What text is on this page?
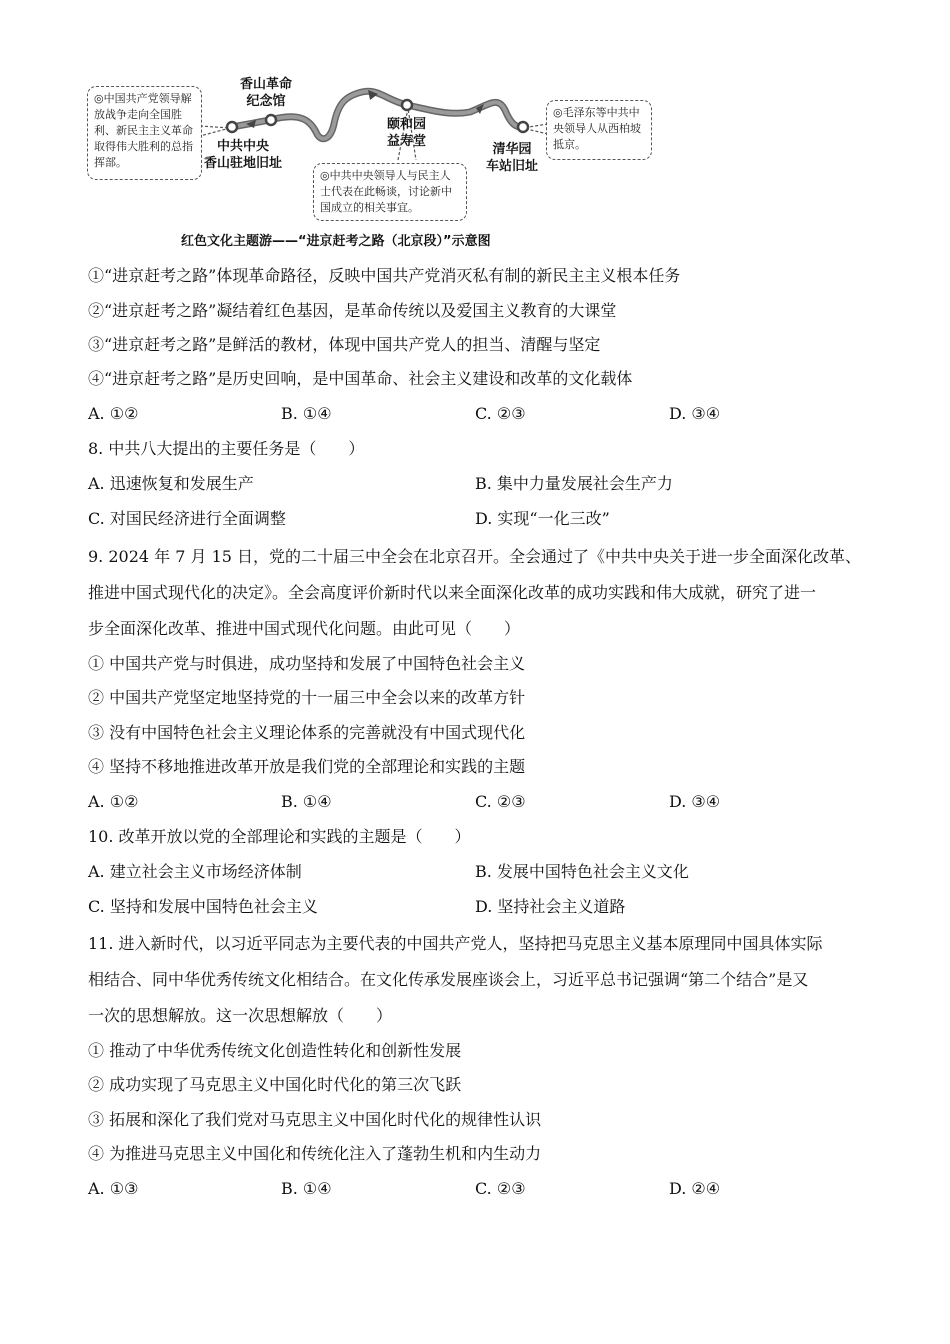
◎中国共产党领导解放战争走向全国胜利、新民主主义革命取得伟大胜利的总指挥部。
◎中共中央领导人与民主人士代表在此畅谈，讨论新中国成立的相关事宜。
◎毛泽东等中共中央领导人从西柏坡抵京。
香山革命
纪念馆
中共中央
香山驻地旧址
颐和园
益寿堂
清华园
车站旧址
红色文化主题游——“进京赶考之路（北京段）”示意图
①“进京赶考之路”体现革命路径，反映中国共产党消灭私有制的新民主主义根本任务
②“进京赶考之路”凝结着红色基因，是革命传统以及爱国主义教育的大课堂
③“进京赶考之路”是鲜活的教材，体现中国共产党人的担当、清醒与坚定
④“进京赶考之路”是历史回响，是中国革命、社会主义建设和改革的文化载体
A. ①②	B. ①④	C. ②③	D. ③④
8. 中共八大提出的主要任务是（　　）
A. 迅速恢复和发展生产	B. 集中力量发展社会生产力
C. 对国民经济进行全面调整	D. 实现“一化三改”
9. 2024 年 7 月 15 日，党的二十届三中全会在北京召开。全会通过了《中共中央关于进一步全面深化改革、
推进中国式现代化的决定》。全会高度评价新时代以来全面深化改革的成功实践和伟大成就，研究了进一
步全面深化改革、推进中国式现代化问题。由此可见（　　）
① 中国共产党与时俱进，成功坚持和发展了中国特色社会主义
② 中国共产党坚定地坚持党的十一届三中全会以来的改革方针
③ 没有中国特色社会主义理论体系的完善就没有中国式现代化
④ 坚持不移地推进改革开放是我们党的全部理论和实践的主题
A. ①②	B. ①④	C. ②③	D. ③④
10. 改革开放以党的全部理论和实践的主题是（　　）
A. 建立社会主义市场经济体制	B. 发展中国特色社会主义文化
C. 坚持和发展中国特色社会主义	D. 坚持社会主义道路
11. 进入新时代，以习近平同志为主要代表的中国共产党人，坚持把马克思主义基本原理同中国具体实际
相结合、同中华优秀传统文化相结合。在文化传承发展座谈会上，习近平总书记强调“第二个结合”是又
一次的思想解放。这一次思想解放（　　）
① 推动了中华优秀传统文化创造性转化和创新性发展
② 成功实现了马克思主义中国化时代化的第三次飞跃
③ 拓展和深化了我们党对马克思主义中国化时代化的规律性认识
④ 为推进马克思主义中国化和传统化注入了蓬勃生机和内生动力
A. ①③	B. ①④	C. ②③	D. ②④
